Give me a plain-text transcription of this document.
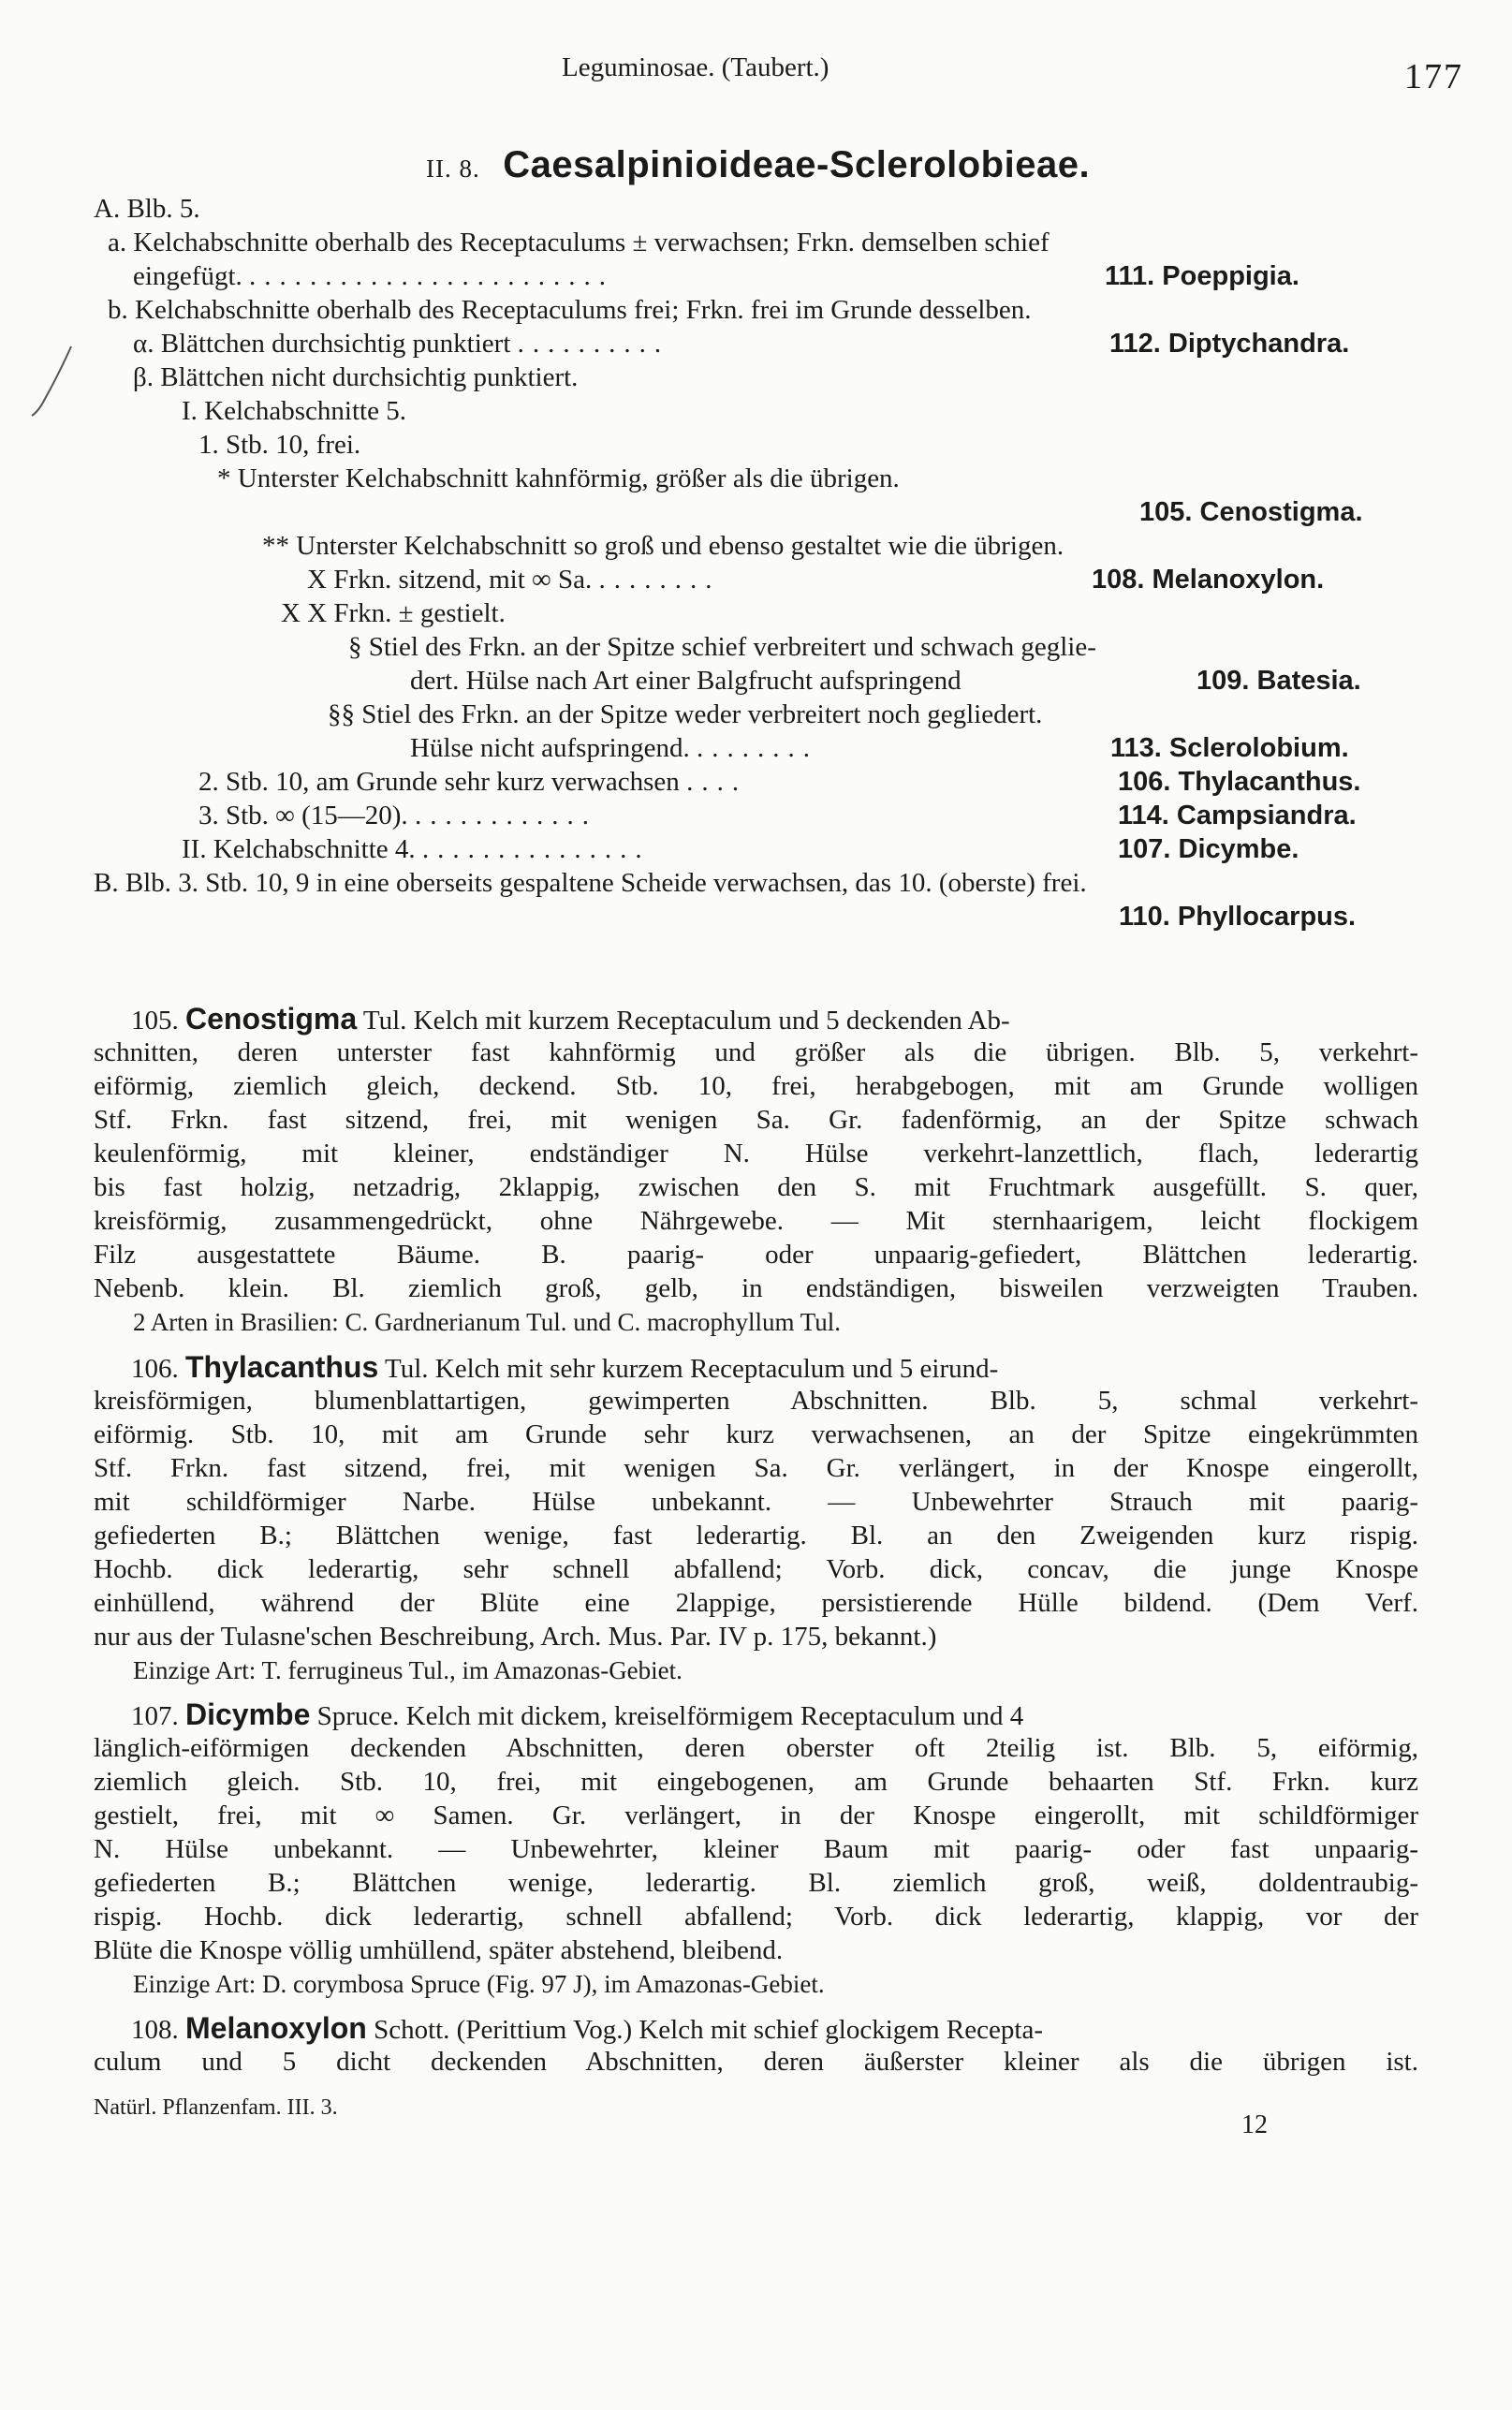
Leguminosae. (Taubert.)	177
II. 8. Caesalpinioideae-Sclerolobieae.
A. Blb. 5.
a. Kelchabschnitte oberhalb des Receptaculums ± verwachsen; Frkn. demselben schief
eingefügt. ........................	111. Poeppigia.
b. Kelchabschnitte oberhalb des Receptaculums frei; Frkn. frei im Grunde desselben.
α. Blättchen durchsichtig punktiert ..........	112. Diptychandra.
β. Blättchen nicht durchsichtig punktiert.
I. Kelchabschnitte 5.
1. Stb. 10, frei.
* Unterster Kelchabschnitt kahnförmig, größer als die übrigen.
105. Cenostigma.
** Unterster Kelchabschnitt so groß und ebenso gestaltet wie die übrigen.
X Frkn. sitzend, mit ∞ Sa. ........	108. Melanoxylon.
X X Frkn. ± gestielt.
§ Stiel des Frkn. an der Spitze schief verbreitert und schwach geglie-
dert. Hülse nach Art einer Balgfrucht aufspringend	109. Batesia.
§§ Stiel des Frkn. an der Spitze weder verbreitert noch gegliedert.
Hülse nicht aufspringend. ........	113. Sclerolobium.
2. Stb. 10, am Grunde sehr kurz verwachsen ....	106. Thylacanthus.
3. Stb. ∞ (15—20). ............	114. Campsiandra.
II. Kelchabschnitte 4. ...............	107. Dicymbe.
B. Blb. 3. Stb. 10, 9 in eine oberseits gespaltene Scheide verwachsen, das 10. (oberste) frei.
110. Phyllocarpus.
105. Cenostigma Tul. Kelch mit kurzem Receptaculum und 5 deckenden Ab-
schnitten, deren unterster fast kahnförmig und größer als die übrigen. Blb. 5, verkehrt-
eiförmig, ziemlich gleich, deckend. Stb. 10, frei, herabgebogen, mit am Grunde wolligen
Stf. Frkn. fast sitzend, frei, mit wenigen Sa. Gr. fadenförmig, an der Spitze schwach
keulenförmig, mit kleiner, endständiger N. Hülse verkehrt-lanzettlich, flach, lederartig
bis fast holzig, netzadrig, 2klappig, zwischen den S. mit Fruchtmark ausgefüllt. S. quer,
kreisförmig, zusammengedrückt, ohne Nährgewebe. — Mit sternhaarigem, leicht flockigem
Filz ausgestattete Bäume. B. paarig- oder unpaarig-gefiedert, Blättchen lederartig.
Nebenb. klein. Bl. ziemlich groß, gelb, in endständigen, bisweilen verzweigten Trauben.
2 Arten in Brasilien: C. Gardnerianum Tul. und C. macrophyllum Tul.
106. Thylacanthus Tul. Kelch mit sehr kurzem Receptaculum und 5 eirund-
kreisförmigen, blumenblattartigen, gewimperten Abschnitten. Blb. 5, schmal verkehrt-
eiförmig. Stb. 10, mit am Grunde sehr kurz verwachsenen, an der Spitze eingekrümmten
Stf. Frkn. fast sitzend, frei, mit wenigen Sa. Gr. verlängert, in der Knospe eingerollt,
mit schildförmiger Narbe. Hülse unbekannt. — Unbewehrter Strauch mit paarig-
gefiederten B.; Blättchen wenige, fast lederartig. Bl. an den Zweigenden kurz rispig.
Hochb. dick lederartig, sehr schnell abfallend; Vorb. dick, concav, die junge Knospe
einhüllend, während der Blüte eine 2lappige, persistierende Hülle bildend. (Dem Verf.
nur aus der Tulasne'schen Beschreibung, Arch. Mus. Par. IV p. 175, bekannt.)
Einzige Art: T. ferrugineus Tul., im Amazonas-Gebiet.
107. Dicymbe Spruce. Kelch mit dickem, kreiselförmigem Receptaculum und 4
länglich-eiförmigen deckenden Abschnitten, deren oberster oft 2teilig ist. Blb. 5, eiförmig,
ziemlich gleich. Stb. 10, frei, mit eingebogenen, am Grunde behaarten Stf. Frkn. kurz
gestielt, frei, mit ∞ Samen. Gr. verlängert, in der Knospe eingerollt, mit schildförmiger
N. Hülse unbekannt. — Unbewehrter, kleiner Baum mit paarig- oder fast unpaarig-
gefiederten B.; Blättchen wenige, lederartig. Bl. ziemlich groß, weiß, doldentraubig-
rispig. Hochb. dick lederartig, schnell abfallend; Vorb. dick lederartig, klappig, vor der
Blüte die Knospe völlig umhüllend, später abstehend, bleibend.
Einzige Art: D. corymbosa Spruce (Fig. 97 J), im Amazonas-Gebiet.
108. Melanoxylon Schott. (Perittium Vog.) Kelch mit schief glockigem Recepta-
culum und 5 dicht deckenden Abschnitten, deren äußerster kleiner als die übrigen ist.
Natürl. Pflanzenfam. III. 3.
12
